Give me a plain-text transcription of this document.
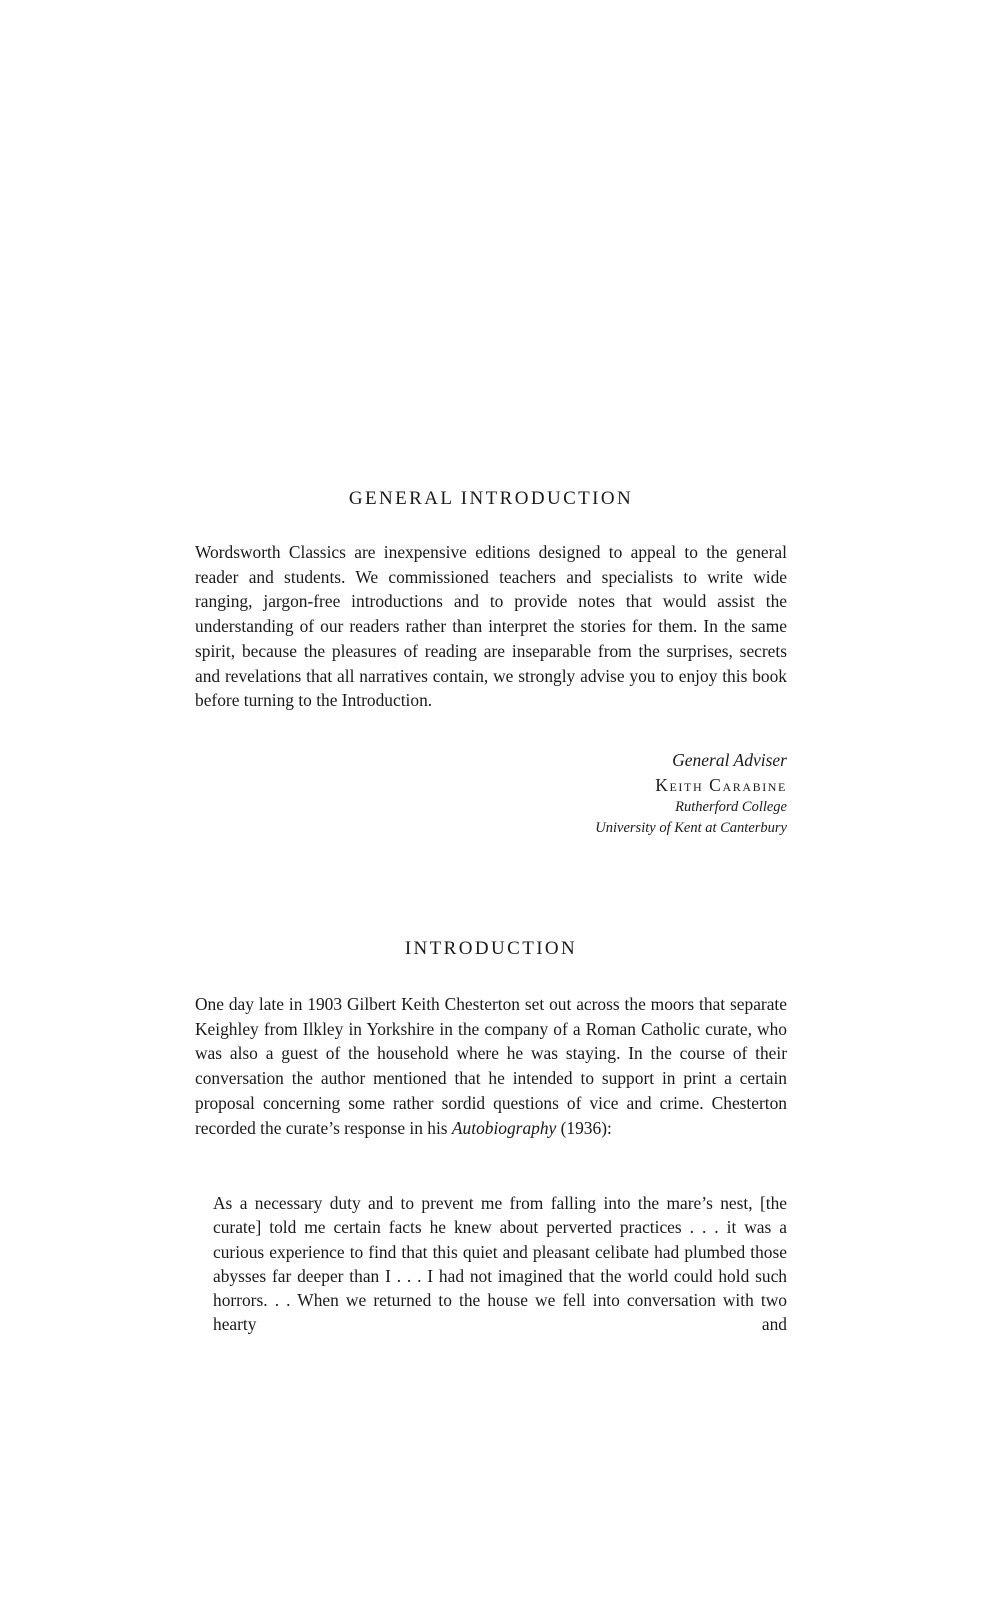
GENERAL INTRODUCTION

Wordsworth Classics are inexpensive editions designed to appeal to the general reader and students. We commissioned teachers and specialists to write wide ranging, jargon-free introductions and to provide notes that would assist the understanding of our readers rather than interpret the stories for them. In the same spirit, because the pleasures of reading are inseparable from the surprises, secrets and revelations that all narratives contain, we strongly advise you to enjoy this book before turning to the Introduction.

General Adviser
Keith Carabine
Rutherford College
University of Kent at Canterbury
INTRODUCTION

One day late in 1903 Gilbert Keith Chesterton set out across the moors that separate Keighley from Ilkley in Yorkshire in the company of a Roman Catholic curate, who was also a guest of the household where he was staying. In the course of their conversation the author mentioned that he intended to support in print a certain proposal concerning some rather sordid questions of vice and crime. Chesterton recorded the curate’s response in his Autobiography (1936):

As a necessary duty and to prevent me from falling into the mare’s nest, [the curate] told me certain facts he knew about perverted practices . . . it was a curious experience to find that this quiet and pleasant celibate had plumbed those abysses far deeper than I . . . I had not imagined that the world could hold such horrors. . . When we returned to the house we fell into conversation with two hearty and
